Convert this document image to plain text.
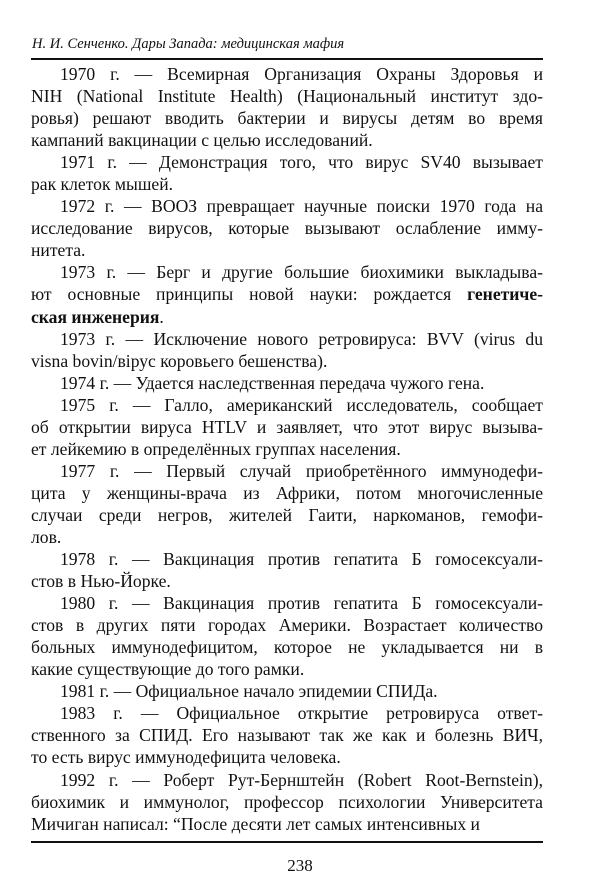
Н. И. Сенченко. Дары Запада: медицинская мафия
1970 г. — Всемирная Организация Охраны Здоровья и
NIH (National Institute Health) (Национальный институт здо-
ровья) решают вводить бактерии и вирусы детям во время
кампаний вакцинации с целью исследований.
1971 г. — Демонстрация того, что вирус SV40 вызывает
рак клеток мышей.
1972 г. — ВООЗ превращает научные поиски 1970 года на
исследование вирусов, которые вызывают ослабление имму-
нитета.
1973 г. — Берг и другие большие биохимики выкладыва-
ют основные принципы новой науки: рождается генетиче-
ская инженерия.
1973 г. — Исключение нового ретровируса: BVV (virus du
visna bovin/вірус коровьего бешенства).
1974 г. — Удается наследственная передача чужого гена.
1975 г. — Галло, американский исследователь, сообщает
об открытии вируса HTLV и заявляет, что этот вирус вызыва-
ет лейкемию в определённых группах населения.
1977 г. — Первый случай приобретённого иммунодефи-
цита у женщины-врача из Африки, потом многочисленные
случаи среди негров, жителей Гаити, наркоманов, гемофи-
лов.
1978 г. — Вакцинация против гепатита Б гомосексуали-
стов в Нью-Йорке.
1980 г. — Вакцинация против гепатита Б гомосексуали-
стов в других пяти городах Америки. Возрастает количество
больных иммунодефицитом, которое не укладывается ни в
какие существующие до того рамки.
1981 г. — Официальное начало эпидемии СПИДа.
1983 г. — Официальное открытие ретровируса ответ-
ственного за СПИД. Его называют так же как и болезнь ВИЧ,
то есть вирус иммунодефицита человека.
1992 г. — Роберт Рут-Бернштейн (Robert Root-Bernstein),
биохимик и иммунолог, профессор психологии Университета
Мичиган написал: “После десяти лет самых интенсивных и
238
